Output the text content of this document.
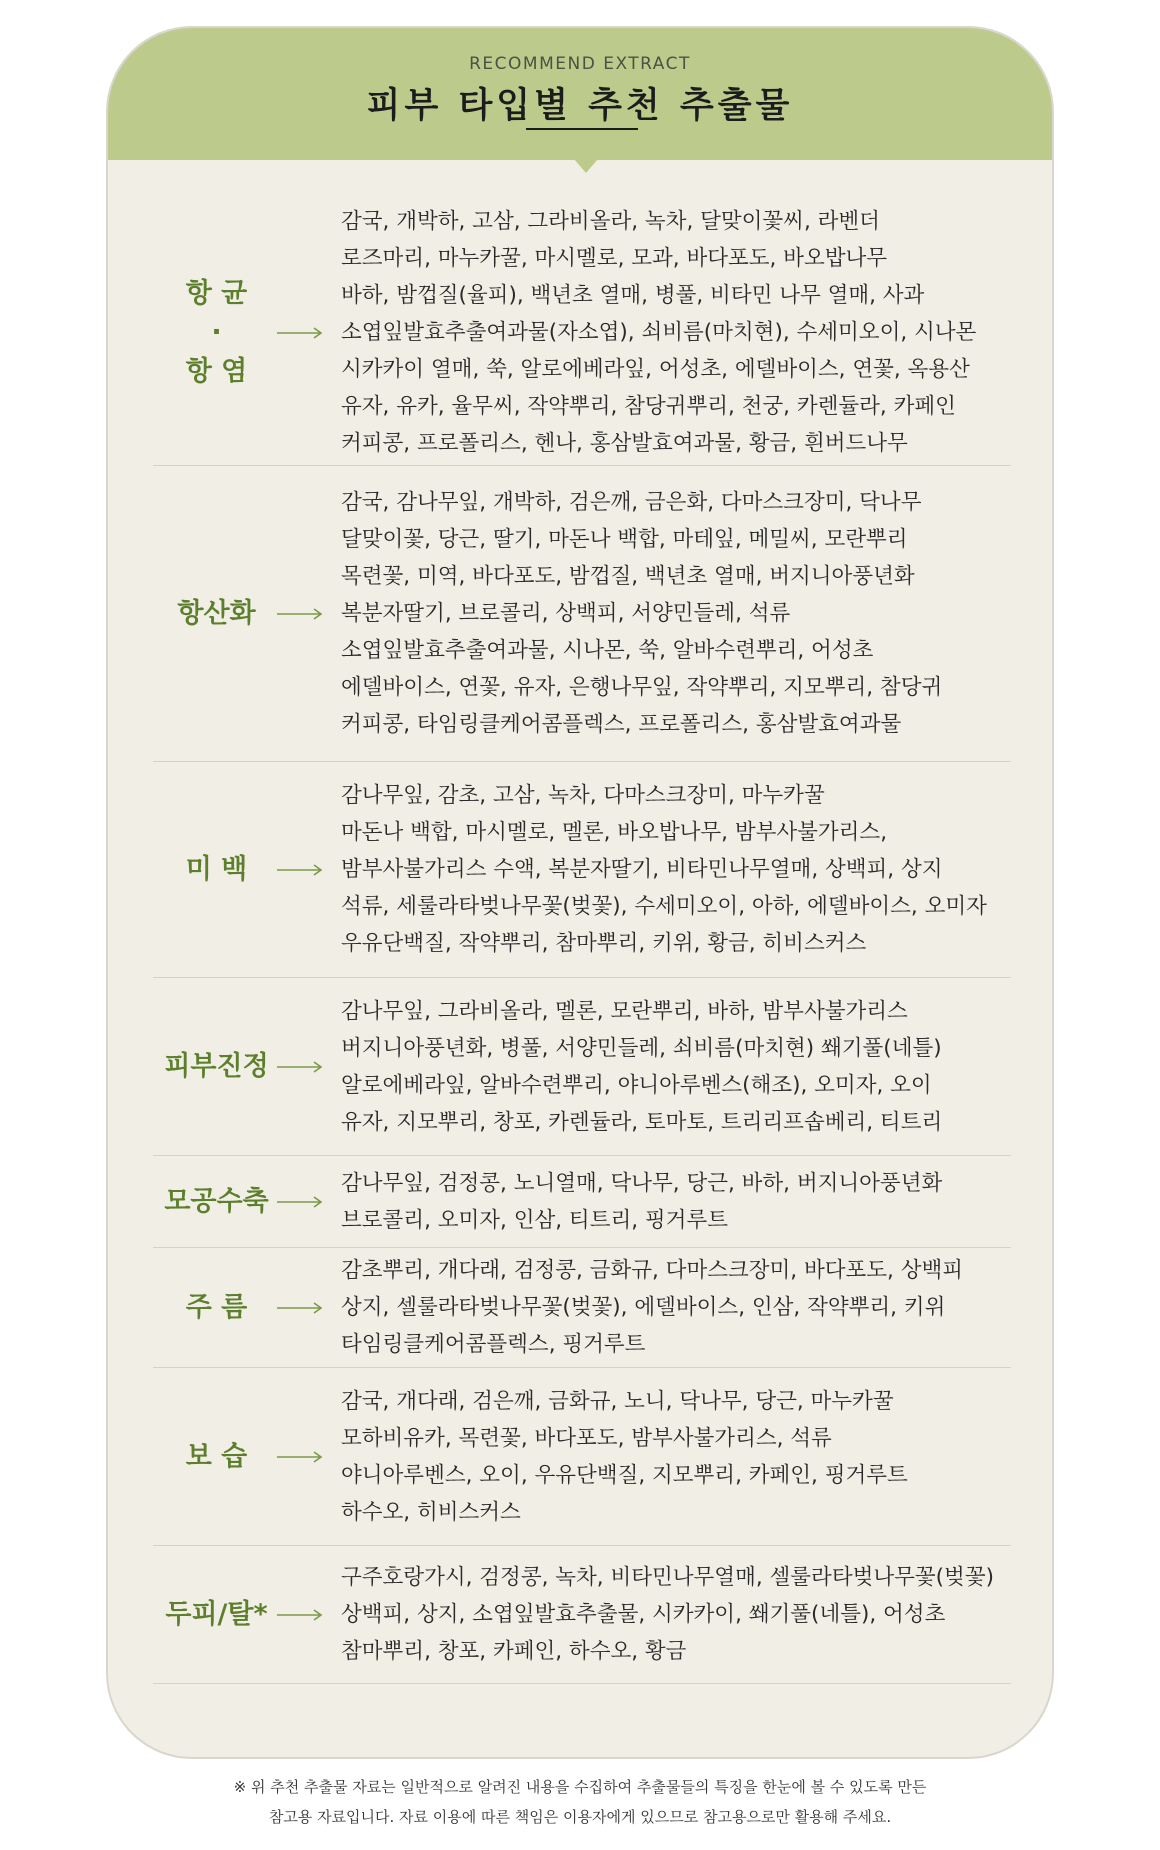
RECOMMEND EXTRACT
피부 타입별 추천 추출물
항 균
·
항 염
감국, 개박하, 고삼, 그라비올라, 녹차, 달맞이꽃씨, 라벤더
로즈마리, 마누카꿀, 마시멜로, 모과, 바다포도, 바오밥나무
바하, 밤껍질(율피), 백년초 열매, 병풀, 비타민 나무 열매, 사과
소엽잎발효추출여과물(자소엽), 쇠비름(마치현), 수세미오이, 시나몬
시카카이 열매, 쑥, 알로에베라잎, 어성초, 에델바이스, 연꽃, 옥용산
유자, 유카, 율무씨, 작약뿌리, 참당귀뿌리, 천궁, 카렌듈라, 카페인
커피콩, 프로폴리스, 헨나, 홍삼발효여과물, 황금, 흰버드나무
항산화
감국, 감나무잎, 개박하, 검은깨, 금은화, 다마스크장미, 닥나무
달맞이꽃, 당근, 딸기, 마돈나 백합, 마테잎, 메밀씨, 모란뿌리
목련꽃, 미역, 바다포도, 밤껍질, 백년초 열매, 버지니아풍년화
복분자딸기, 브로콜리, 상백피, 서양민들레, 석류
소엽잎발효추출여과물, 시나몬, 쑥, 알바수련뿌리, 어성초
에델바이스, 연꽃, 유자, 은행나무잎, 작약뿌리, 지모뿌리, 참당귀
커피콩, 타임링클케어콤플렉스, 프로폴리스, 홍삼발효여과물
미 백
감나무잎, 감초, 고삼, 녹차, 다마스크장미, 마누카꿀
마돈나 백합, 마시멜로, 멜론, 바오밥나무, 밤부사불가리스,
밤부사불가리스 수액, 복분자딸기, 비타민나무열매, 상백피, 상지
석류, 세룰라타벚나무꽃(벚꽃), 수세미오이, 아하, 에델바이스, 오미자
우유단백질, 작약뿌리, 참마뿌리, 키위, 황금, 히비스커스
피부진정
감나무잎, 그라비올라, 멜론, 모란뿌리, 바하, 밤부사불가리스
버지니아풍년화, 병풀, 서양민들레, 쇠비름(마치현) 쐐기풀(네틀)
알로에베라잎, 알바수련뿌리, 야니아루벤스(해조), 오미자, 오이
유자, 지모뿌리, 창포, 카렌듈라, 토마토, 트리리프솝베리, 티트리
모공수축
감나무잎, 검정콩, 노니열매, 닥나무, 당근, 바하, 버지니아풍년화
브로콜리, 오미자, 인삼, 티트리, 핑거루트
주 름
감초뿌리, 개다래, 검정콩, 금화규, 다마스크장미, 바다포도, 상백피
상지, 셀룰라타벚나무꽃(벚꽃), 에델바이스, 인삼, 작약뿌리, 키위
타임링클케어콤플렉스, 핑거루트
보 습
감국, 개다래, 검은깨, 금화규, 노니, 닥나무, 당근, 마누카꿀
모하비유카, 목련꽃, 바다포도, 밤부사불가리스, 석류
야니아루벤스, 오이, 우유단백질, 지모뿌리, 카페인, 핑거루트
하수오, 히비스커스
두피/탈*
구주호랑가시, 검정콩, 녹차, 비타민나무열매, 셀룰라타벚나무꽃(벚꽃)
상백피, 상지, 소엽잎발효추출물, 시카카이, 쐐기풀(네틀), 어성초
참마뿌리, 창포, 카페인, 하수오, 황금
※ 위 추천 추출물 자료는 일반적으로 알려진 내용을 수집하여 추출물들의 특징을 한눈에 볼 수 있도록 만든
참고용 자료입니다. 자료 이용에 따른 책임은 이용자에게 있으므로 참고용으로만 활용해 주세요.
